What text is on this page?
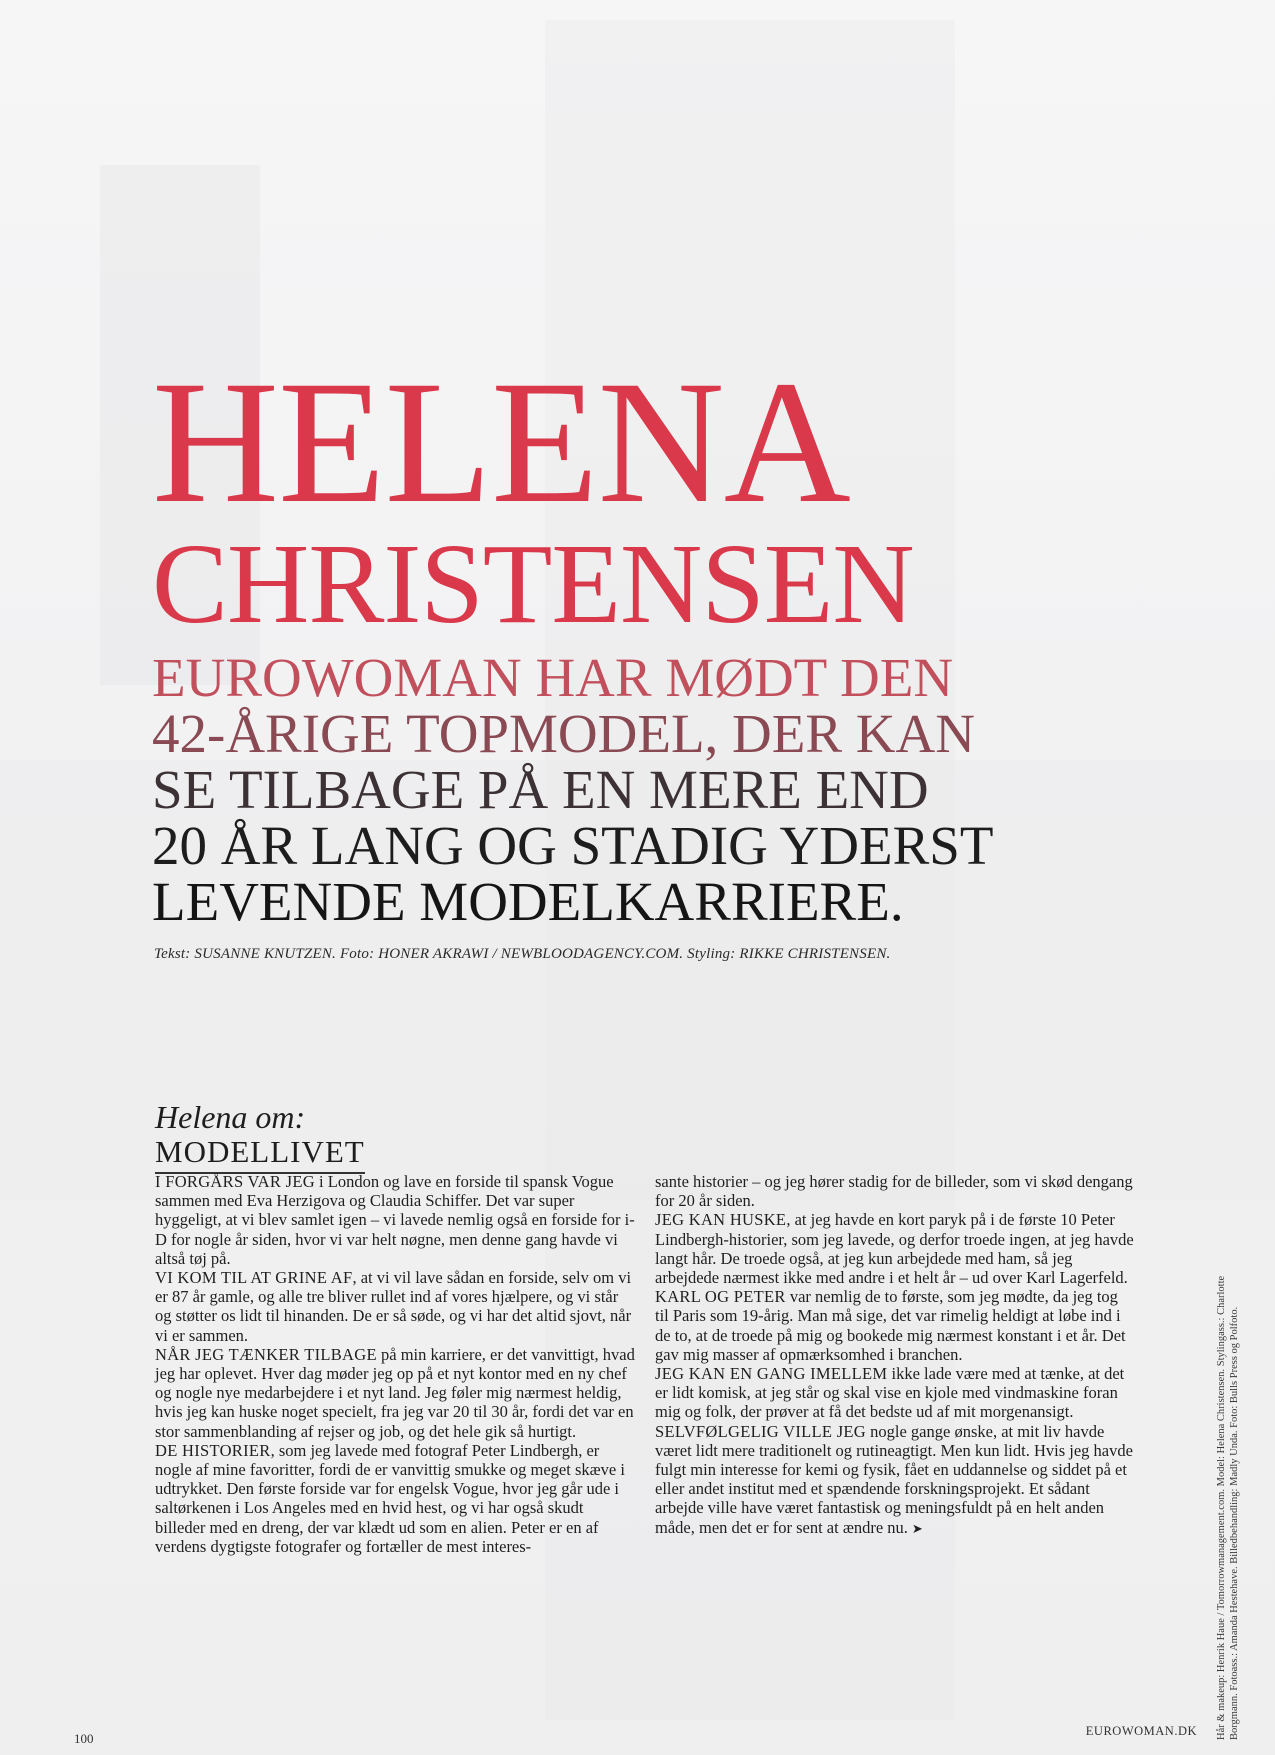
HELENA
CHRISTENSEN
EUROWOMAN HAR MØDT DEN
42-ÅRIGE TOPMODEL, DER KAN
SE TILBAGE PÅ EN MERE END
20 ÅR LANG OG STADIG YDERST
LEVENDE MODELKARRIERE.
Tekst: SUSANNE KNUTZEN. Foto: HONER AKRAWI / NEWBLOODAGENCY.COM. Styling: RIKKE CHRISTENSEN.
Helena om:
MODELLIVET

I FORGÅRS VAR JEG i London og lave en forside til spansk Vogue sammen med Eva Herzigova og Claudia Schiffer. Det var super hyggeligt, at vi blev samlet igen – vi lavede nemlig også en forside for i-D for nogle år siden, hvor vi var helt nøgne, men denne gang havde vi altså tøj på.

VI KOM TIL AT GRINE AF, at vi vil lave sådan en forside, selv om vi er 87 år gamle, og alle tre bliver rullet ind af vores hjælpere, og vi står og støtter os lidt til hinanden. De er så søde, og vi har det altid sjovt, når vi er sammen.

NÅR JEG TÆNKER TILBAGE på min karriere, er det vanvittigt, hvad jeg har oplevet. Hver dag møder jeg op på et nyt kontor med en ny chef og nogle nye medarbejdere i et nyt land. Jeg føler mig nærmest heldig, hvis jeg kan huske noget specielt, fra jeg var 20 til 30 år, fordi det var en stor sammenblanding af rejser og job, og det hele gik så hurtigt.

DE HISTORIER, som jeg lavede med fotograf Peter Lindbergh, er nogle af mine favoritter, fordi de er vanvittig smukke og meget skæve i udtrykket. Den første forside var for engelsk Vogue, hvor jeg går ude i saltørkenen i Los Angeles med en hvid hest, og vi har også skudt billeder med en dreng, der var klædt ud som en alien. Peter er en af verdens dygtigste fotografer og fortæller de mest interes-

sante historier – og jeg hører stadig for de billeder, som vi skød dengang for 20 år siden.

JEG KAN HUSKE, at jeg havde en kort paryk på i de første 10 Peter Lindbergh-historier, som jeg lavede, og derfor troede ingen, at jeg havde langt hår. De troede også, at jeg kun arbejdede med ham, så jeg arbejdede nærmest ikke med andre i et helt år – ud over Karl Lagerfeld.

KARL OG PETER var nemlig de to første, som jeg mødte, da jeg tog til Paris som 19-årig. Man må sige, det var rimelig heldigt at løbe ind i de to, at de troede på mig og bookede mig nærmest konstant i et år. Det gav mig masser af opmærksomhed i branchen.

JEG KAN EN GANG IMELLEM ikke lade være med at tænke, at det er lidt komisk, at jeg står og skal vise en kjole med vindmaskine foran mig og folk, der prøver at få det bedste ud af mit morgenansigt.

SELVFØLGELIG VILLE JEG nogle gange ønske, at mit liv havde været lidt mere traditionelt og rutineagtigt. Men kun lidt. Hvis jeg havde fulgt min interesse for kemi og fysik, fået en uddannelse og siddet på et eller andet institut med et spændende forskningsprojekt. Et sådant arbejde ville have været fantastisk og meningsfuldt på en helt anden måde, men det er for sent at ændre nu. ➤	Hår & makeup: Henrik Haue / Tomorrowmanagement.com. Model: Helena Christensen. Stylingass.: Charlotte Borgmann. Fotoass.: Amanda Hestehave. Billedbehandling: Madly Unda. Foto: Bulls Press og Polfoto.
100	EUROWOMAN.DK
